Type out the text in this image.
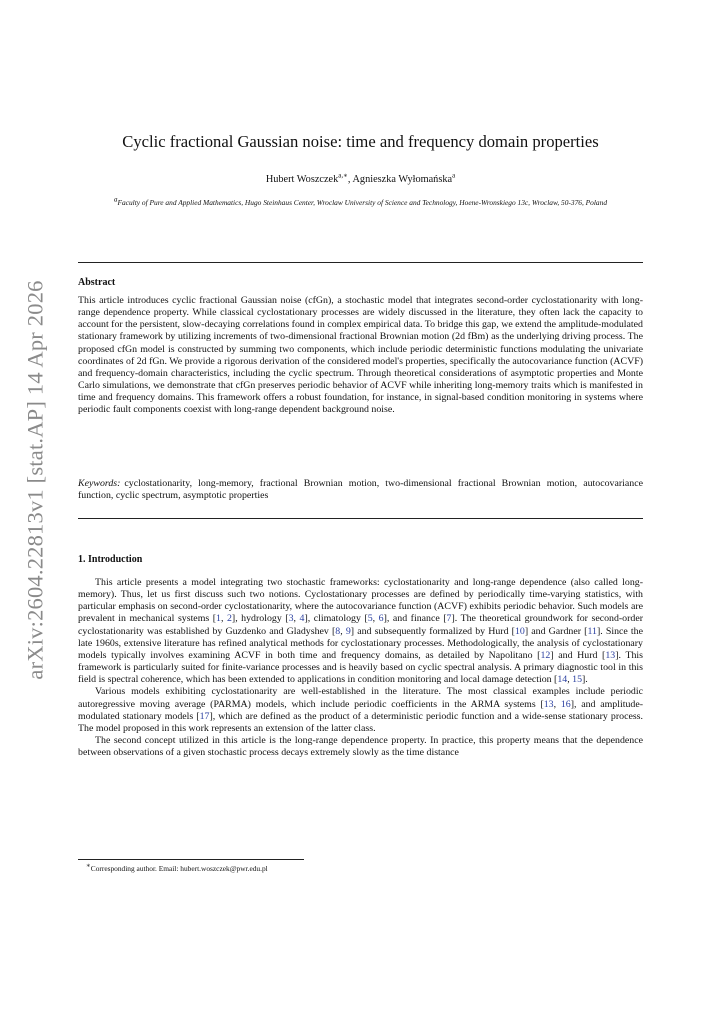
arXiv:2604.22813v1 [stat.AP] 14 Apr 2026
Cyclic fractional Gaussian noise: time and frequency domain properties
Hubert Woszczek$^{a,∗}$, Agnieszka Wyłomańska$^a$
$^a$Faculty of Pure and Applied Mathematics, Hugo Steinhaus Center, Wroclaw University of Science and Technology, Hoene-Wronskiego 13c, Wroclaw, 50-376, Poland
Abstract

This article introduces cyclic fractional Gaussian noise (cfGn), a stochastic model that integrates second-order cyclostationarity with long-range dependence property. While classical cyclostationary processes are widely discussed in the literature, they often lack the capacity to account for the persistent, slow-decaying correlations found in complex empirical data. To bridge this gap, we extend the amplitude-modulated stationary framework by utilizing increments of two-dimensional fractional Brownian motion (2d fBm) as the underlying driving process. The proposed cfGn model is constructed by summing two components, which include periodic deterministic functions modulating the univariate coordinates of 2d fGn. We provide a rigorous derivation of the considered model's properties, specifically the autocovariance function (ACVF) and frequency-domain characteristics, including the cyclic spectrum. Through theoretical considerations of asymptotic properties and Monte Carlo simulations, we demonstrate that cfGn preserves periodic behavior of ACVF while inheriting long-memory traits which is manifested in time and frequency domains. This framework offers a robust foundation, for instance, in signal-based condition monitoring in systems where periodic fault components coexist with long-range dependent background noise.

Keywords: cyclostationarity, long-memory, fractional Brownian motion, two-dimensional fractional Brownian motion, autocovariance function, cyclic spectrum, asymptotic properties

1. Introduction

This article presents a model integrating two stochastic frameworks: cyclostationarity and long-range dependence (also called long-memory). Thus, let us first discuss such two notions. Cyclostationary processes are defined by periodically time-varying statistics, with particular emphasis on second-order cyclostationarity, where the autocovariance function (ACVF) exhibits periodic behavior. Such models are prevalent in mechanical systems [1, 2], hydrology [3, 4], climatology [5, 6], and finance [7]. The theoretical groundwork for second-order cyclostationarity was established by Guzdenko and Gladyshev [8, 9] and subsequently formalized by Hurd [10] and Gardner [11]. Since the late 1960s, extensive literature has refined analytical methods for cyclostationary processes. Methodologically, the analysis of cyclostationary models typically involves examining ACVF in both time and frequency domains, as detailed by Napolitano [12] and Hurd [13]. This framework is particularly suited for finite-variance processes and is heavily based on cyclic spectral analysis. A primary diagnostic tool in this field is spectral coherence, which has been extended to applications in condition monitoring and local damage detection [14, 15].

Various models exhibiting cyclostationarity are well-established in the literature. The most classical examples include periodic autoregressive moving average (PARMA) models, which include periodic coefficients in the ARMA systems [13, 16], and amplitude-modulated stationary models [17], which are defined as the product of a deterministic periodic function and a wide-sense stationary process. The model proposed in this work represents an extension of the latter class.

The second concept utilized in this article is the long-range dependence property. In practice, this property means that the dependence between observations of a given stochastic process decays extremely slowly as the time distance

∗Corresponding author. Email: hubert.woszczek@pwr.edu.pl
